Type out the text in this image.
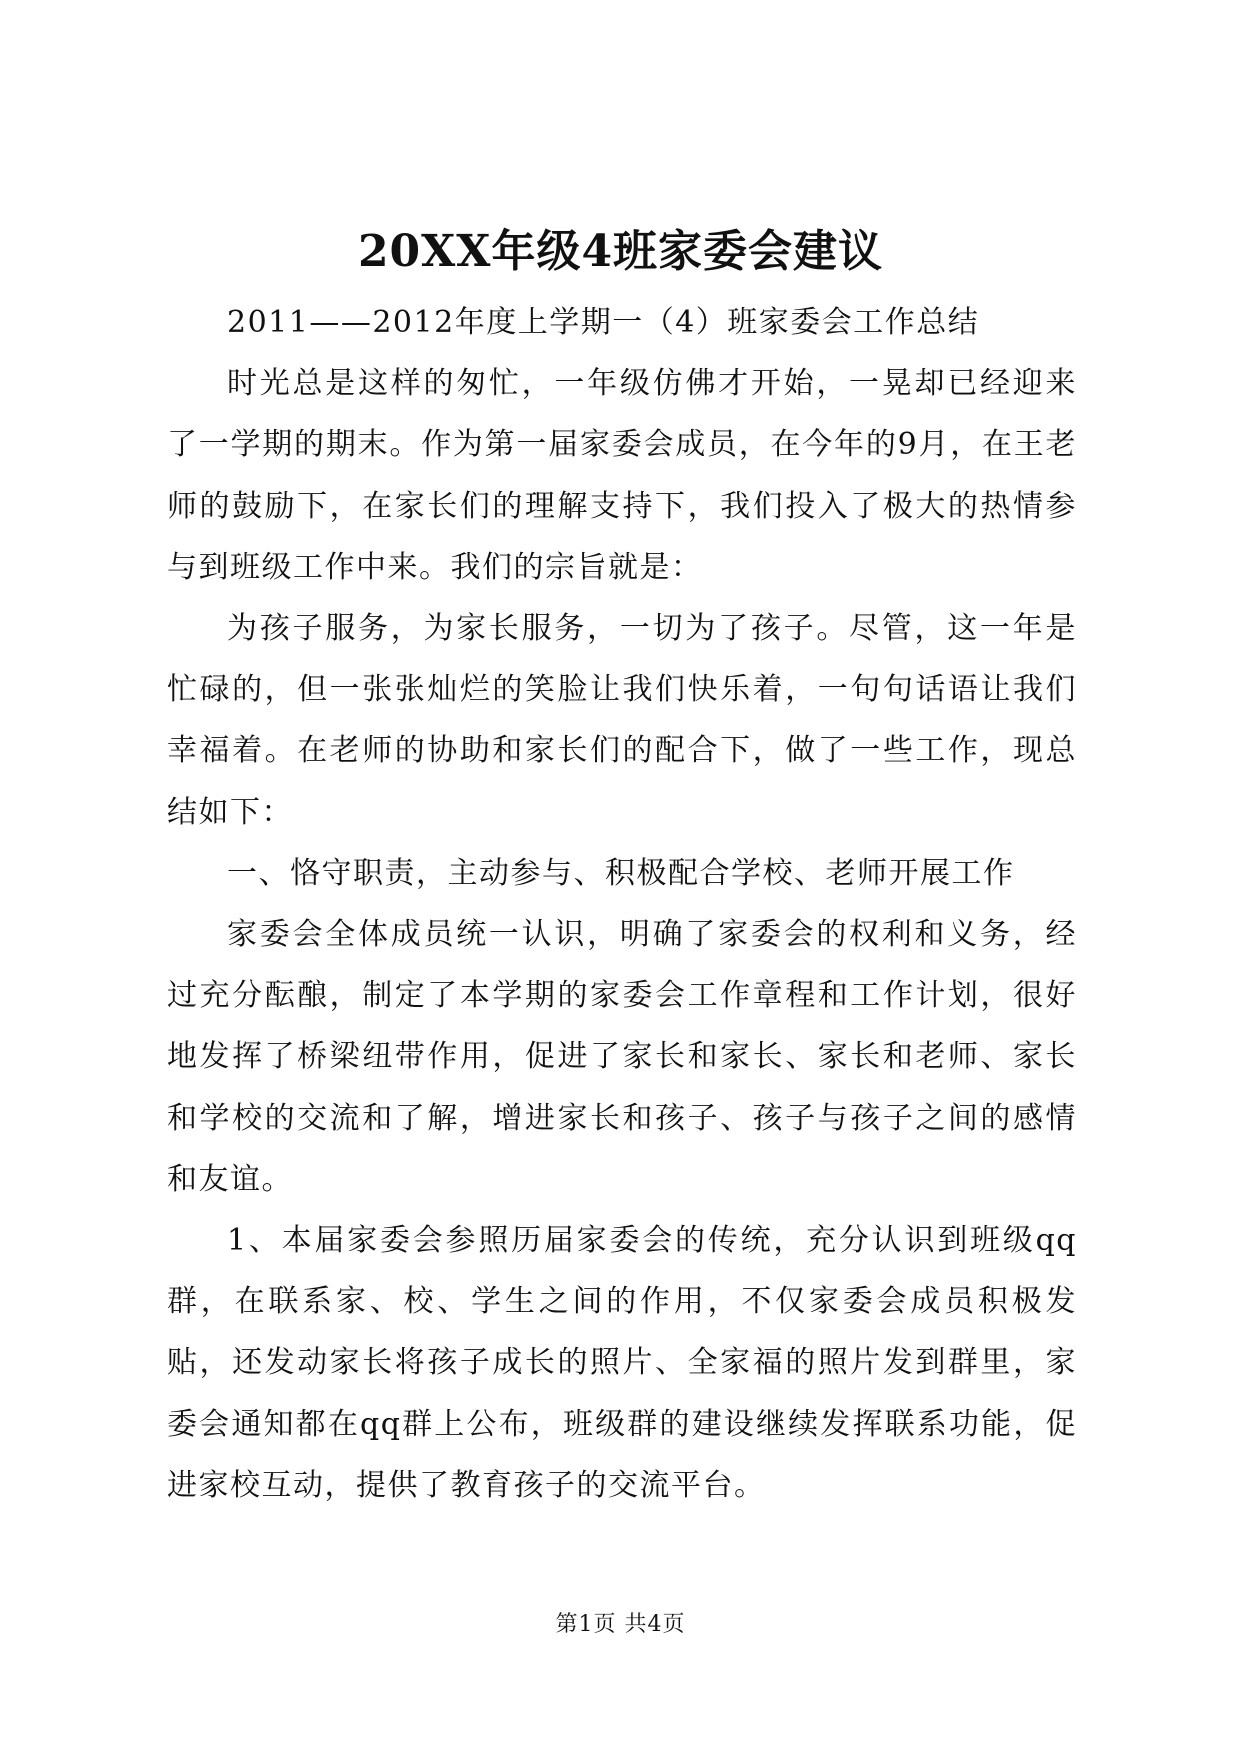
20XX年级4班家委会建议

2011——2012年度上学期一（4）班家委会工作总结

时光总是这样的匆忙，一年级仿佛才开始，一晃却已经迎来了一学期的期末。作为第一届家委会成员，在今年的9月，在王老师的鼓励下，在家长们的理解支持下，我们投入了极大的热情参与到班级工作中来。我们的宗旨就是：

为孩子服务，为家长服务，一切为了孩子。尽管，这一年是忙碌的，但一张张灿烂的笑脸让我们快乐着，一句句话语让我们幸福着。在老师的协助和家长们的配合下，做了一些工作，现总结如下：

一、恪守职责，主动参与、积极配合学校、老师开展工作

家委会全体成员统一认识，明确了家委会的权利和义务，经过充分酝酿，制定了本学期的家委会工作章程和工作计划，很好地发挥了桥梁纽带作用，促进了家长和家长、家长和老师、家长和学校的交流和了解，增进家长和孩子、孩子与孩子之间的感情和友谊。

1、本届家委会参照历届家委会的传统，充分认识到班级qq群，在联系家、校、学生之间的作用，不仅家委会成员积极发贴，还发动家长将孩子成长的照片、全家福的照片发到群里，家委会通知都在qq群上公布，班级群的建设继续发挥联系功能，促进家校互动，提供了教育孩子的交流平台。

第1页 共4页
